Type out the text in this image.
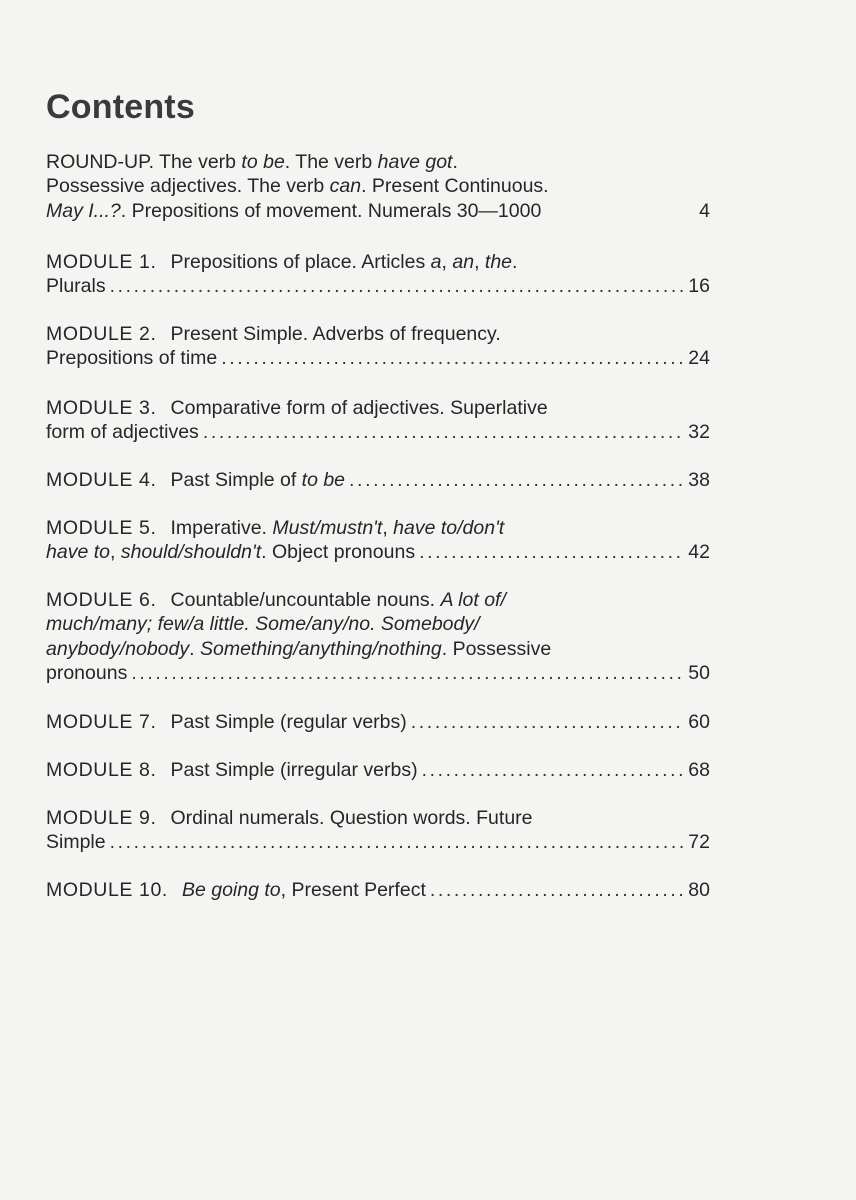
Contents
ROUND-UP. The verb to be. The verb have got.
Possessive adjectives. The verb can. Present Continuous.
May I...?. Prepositions of movement. Numerals 30—1000	4
MODULE 1. Prepositions of place. Articles a, an, the.
Plurals .....	16
MODULE 2. Present Simple. Adverbs of frequency.
Prepositions of time .....	24
MODULE 3. Comparative form of adjectives. Superlative
form of adjectives .....	32
MODULE 4. Past Simple of to be .....	38
MODULE 5. Imperative. Must/mustn't, have to/don't
have to, should/shouldn't. Object pronouns .....	42
MODULE 6. Countable/uncountable nouns. A lot of/
much/many; few/a little. Some/any/no. Somebody/
anybody/nobody. Something/anything/nothing. Possessive
pronouns .....	50
MODULE 7. Past Simple (regular verbs) .....	60
MODULE 8. Past Simple (irregular verbs) .....	68
MODULE 9. Ordinal numerals. Question words. Future
Simple .....	72
MODULE 10. Be going to, Present Perfect .....	80
